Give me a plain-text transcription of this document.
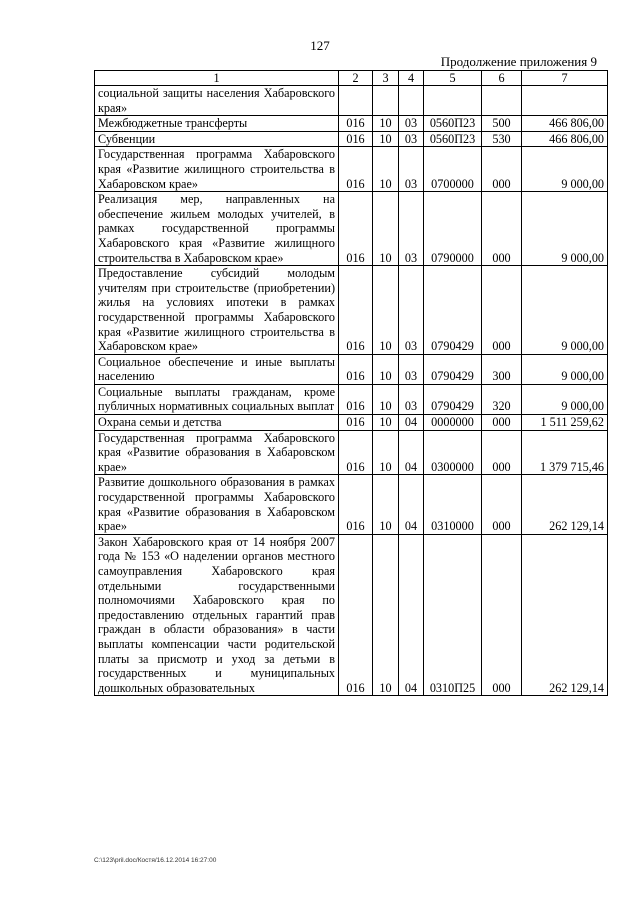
127
Продолжение приложения 9
1	2	3	4	5	6	7
социальной защиты населения Хабаровского края»						
Межбюджетные трансферты	016	10	03	0560П23	500	466 806,00
Субвенции	016	10	03	0560П23	530	466 806,00
Государственная программа Хабаровского края «Развитие жилищного строительства в Хабаровском крае»	016	10	03	0700000	000	9 000,00
Реализация мер, направленных на обеспечение жильем молодых учителей, в рамках государственной программы Хабаровского края «Развитие жилищного строительства в Хабаровском крае»	016	10	03	0790000	000	9 000,00
Предоставление субсидий молодым учителям при строительстве (приобретении) жилья на условиях ипотеки в рамках государственной программы Хабаровского края «Развитие жилищного строительства в Хабаровском крае»	016	10	03	0790429	000	9 000,00
Социальное обеспечение и иные выплаты населению	016	10	03	0790429	300	9 000,00
Социальные выплаты гражданам, кроме публичных нормативных социальных выплат	016	10	03	0790429	320	9 000,00
Охрана семьи и детства	016	10	04	0000000	000	1 511 259,62
Государственная программа Хабаровского края «Развитие образования в Хабаровском крае»	016	10	04	0300000	000	1 379 715,46
Развитие дошкольного образования в рамках государственной программы Хабаровского края «Развитие образования в Хабаровском крае»	016	10	04	0310000	000	262 129,14
Закон Хабаровского края от 14 ноября 2007 года № 153 «О наделении органов местного самоуправления Хабаровского края отдельными государственными полномочиями Хабаровского края по предоставлению отдельных гарантий прав граждан в области образования» в части выплаты компенсации части родительской платы за присмотр и уход за детьми в государственных и муниципальных дошкольных образовательных	016	10	04	0310П25	000	262 129,14
C:\123\pril.doc/Костя/16.12.2014 16:27:00
